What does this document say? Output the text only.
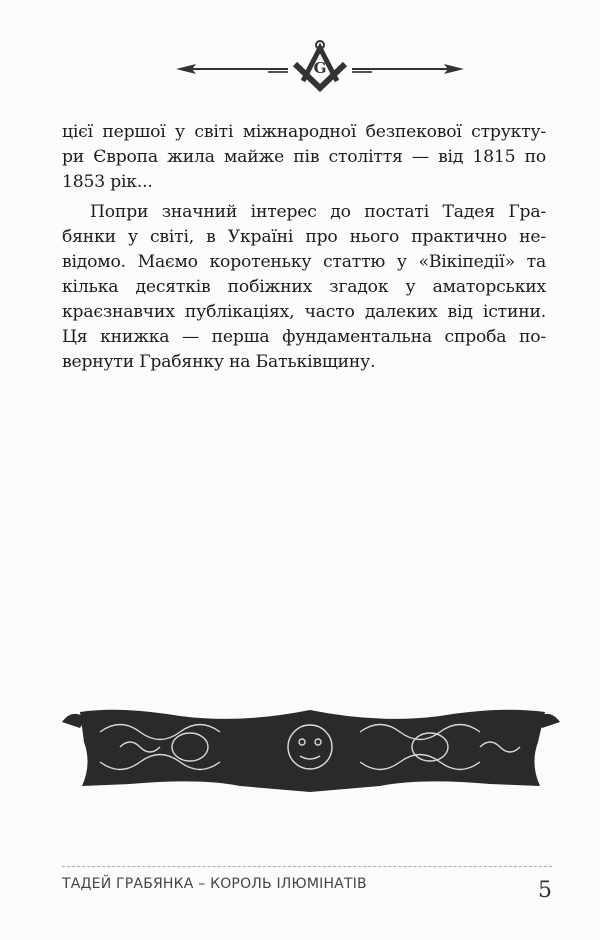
G
цієї першої у світі міжнародної безпекової структу-
ри Європа жила майже пів століття — від 1815 по
1853 рік...
Попри значний інтерес до постаті Тадея Гра-
бянки у світі, в Україні про нього практично не-
відомо. Маємо коротеньку статтю у «Вікіпедії» та
кілька десятків побіжних згадок у аматорських
краєзнавчих публікаціях, часто далеких від істини.
Ця книжка — перша фундаментальна спроба по-
вернути Грабянку на Батьківщину.
ТАДЕЙ ГРАБЯНКА – КОРОЛЬ ІЛЮМІНАТІВ	5
